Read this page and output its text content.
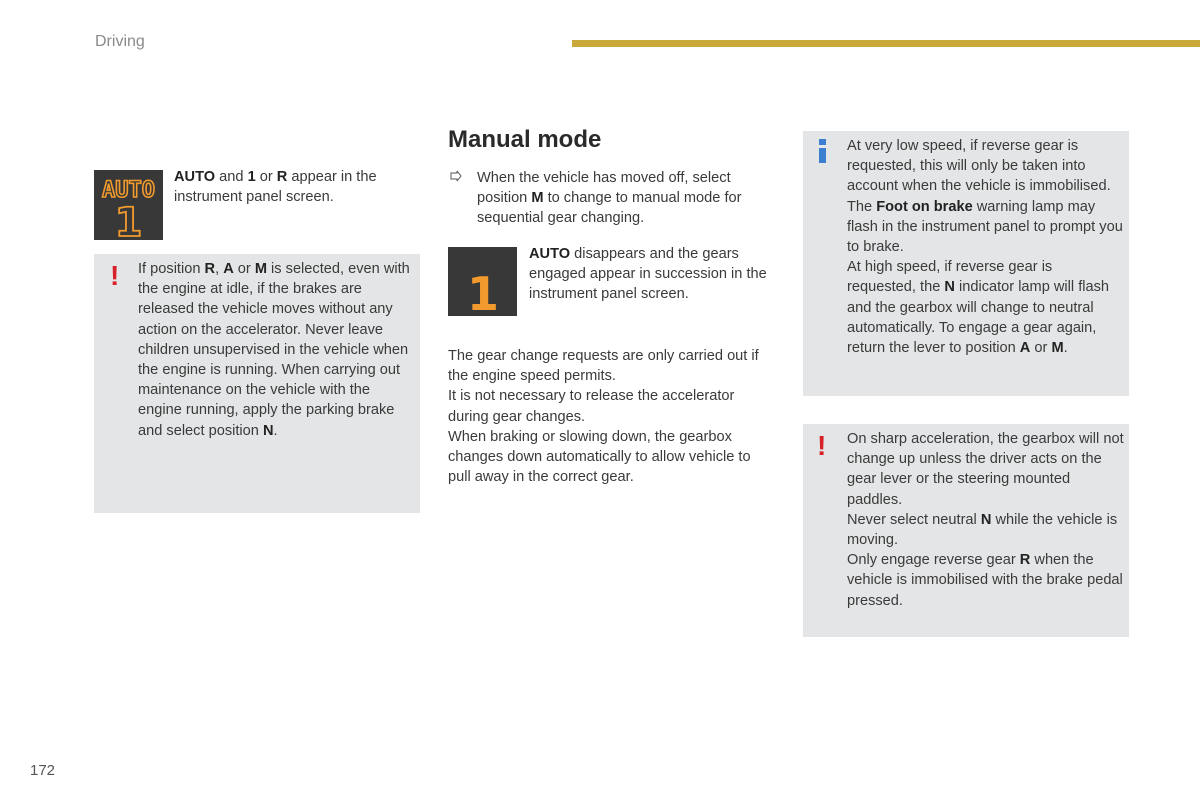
Driving
AUTO
1
AUTO and 1 or R appear in the instrument panel screen.
! If position R, A or M is selected, even with the engine at idle, if the brakes are released the vehicle moves without any action on the accelerator. Never leave children unsupervised in the vehicle when the engine is running. When carrying out maintenance on the vehicle with the engine running, apply the parking brake and select position N.
Manual mode
When the vehicle has moved off, select position M to change to manual mode for sequential gear changing.
1
AUTO disappears and the gears engaged appear in succession in the instrument panel screen.
The gear change requests are only carried out if the engine speed permits.
It is not necessary to release the accelerator during gear changes.
When braking or slowing down, the gearbox changes down automatically to allow vehicle to pull away in the correct gear.
At very low speed, if reverse gear is requested, this will only be taken into account when the vehicle is immobilised. The Foot on brake warning lamp may flash in the instrument panel to prompt you to brake.
At high speed, if reverse gear is requested, the N indicator lamp will flash and the gearbox will change to neutral automatically. To engage a gear again, return the lever to position A or M.
! On sharp acceleration, the gearbox will not change up unless the driver acts on the gear lever or the steering mounted paddles.
Never select neutral N while the vehicle is moving.
Only engage reverse gear R when the vehicle is immobilised with the brake pedal pressed.
172
